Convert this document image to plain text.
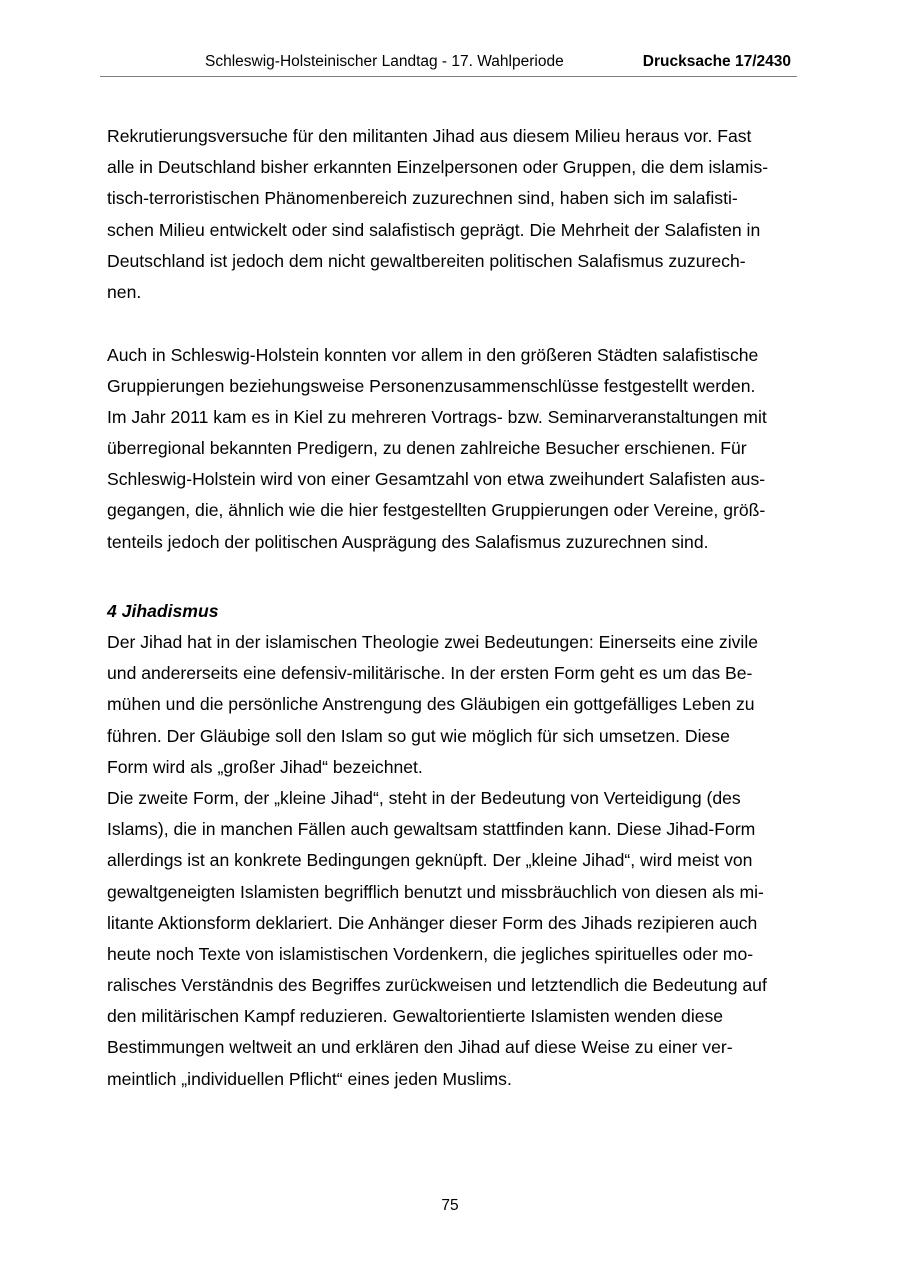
Schleswig-Holsteinischer Landtag - 17. Wahlperiode	Drucksache 17/2430
Rekrutierungsversuche für den militanten Jihad aus diesem Milieu heraus vor. Fast
alle in Deutschland bisher erkannten Einzelpersonen oder Gruppen, die dem islamis-
tisch-terroristischen Phänomenbereich zuzurechnen sind, haben sich im salafisti-
schen Milieu entwickelt oder sind salafistisch geprägt. Die Mehrheit der Salafisten in
Deutschland ist jedoch dem nicht gewaltbereiten politischen Salafismus zuzurech-
nen.
Auch in Schleswig-Holstein konnten vor allem in den größeren Städten salafistische
Gruppierungen beziehungsweise Personenzusammenschlüsse festgestellt werden.
Im Jahr 2011 kam es in Kiel zu mehreren Vortrags- bzw. Seminarveranstaltungen mit
überregional bekannten Predigern, zu denen zahlreiche Besucher erschienen. Für
Schleswig-Holstein wird von einer Gesamtzahl von etwa zweihundert Salafisten aus-
gegangen, die, ähnlich wie die hier festgestellten Gruppierungen oder Vereine, größ-
tenteils jedoch der politischen Ausprägung des Salafismus zuzurechnen sind.
4 Jihadismus
Der Jihad hat in der islamischen Theologie zwei Bedeutungen: Einerseits eine zivile
und andererseits eine defensiv-militärische. In der ersten Form geht es um das Be-
mühen und die persönliche Anstrengung des Gläubigen ein gottgefälliges Leben zu
führen. Der Gläubige soll den Islam so gut wie möglich für sich umsetzen. Diese
Form wird als „großer Jihad“ bezeichnet.
Die zweite Form, der „kleine Jihad“, steht in der Bedeutung von Verteidigung (des
Islams), die in manchen Fällen auch gewaltsam stattfinden kann. Diese Jihad-Form
allerdings ist an konkrete Bedingungen geknüpft. Der „kleine Jihad“, wird meist von
gewaltgeneigten Islamisten begrifflich benutzt und missbräuchlich von diesen als mi-
litante Aktionsform deklariert. Die Anhänger dieser Form des Jihads rezipieren auch
heute noch Texte von islamistischen Vordenkern, die jegliches spirituelles oder mo-
ralisches Verständnis des Begriffes zurückweisen und letztendlich die Bedeutung auf
den militärischen Kampf reduzieren. Gewaltorientierte Islamisten wenden diese
Bestimmungen weltweit an und erklären den Jihad auf diese Weise zu einer ver-
meintlich „individuellen Pflicht“ eines jeden Muslims.
75
